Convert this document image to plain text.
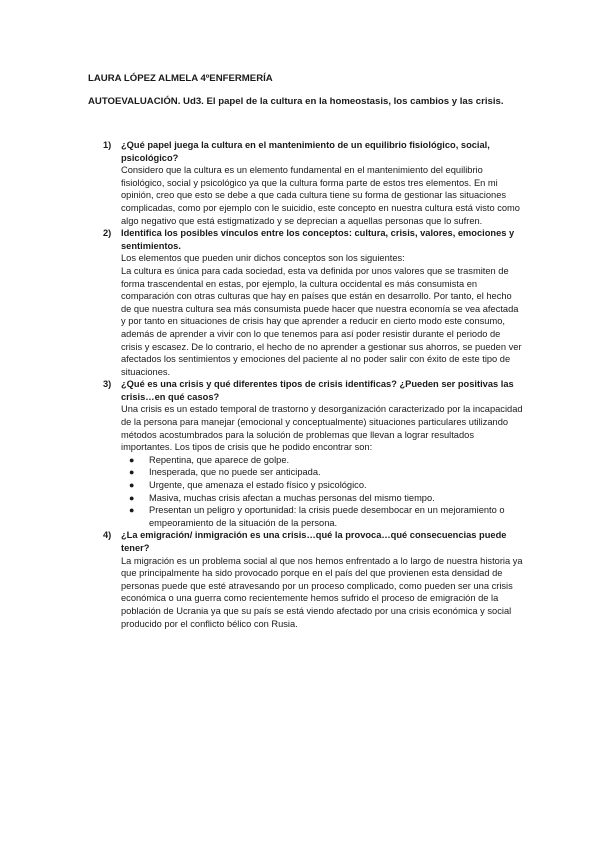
LAURA LÓPEZ ALMELA 4ºENFERMERÍA

AUTOEVALUACIÓN. Ud3. El papel de la cultura en la homeostasis, los cambios y las crisis.

1) ¿Qué papel juega la cultura en el mantenimiento de un equilibrio fisiológico, social, psicológico?

Considero que la cultura es un elemento fundamental en el mantenimiento del equilibrio fisiológico, social y psicológico ya que la cultura forma parte de estos tres elementos. En mi opinión, creo que esto se debe a que cada cultura tiene su forma de gestionar las situaciones complicadas, como por ejemplo con le suicidio, este concepto en nuestra cultura está visto como algo negativo que está estigmatizado y se deprecian a aquellas personas que lo sufren.

2) Identifica los posibles vínculos entre los conceptos: cultura, crisis, valores, emociones y sentimientos.

Los elementos que pueden unir dichos conceptos son los siguientes:

La cultura es única para cada sociedad, esta va definida por unos valores que se trasmiten de forma trascendental en estas, por ejemplo, la cultura occidental es más consumista en comparación con otras culturas que hay en países que están en desarrollo. Por tanto, el hecho de que nuestra cultura sea más consumista puede hacer que nuestra economía se vea afectada y por tanto en situaciones de crisis hay que aprender a reducir en cierto modo este consumo, además de aprender a vivir con lo que tenemos para así poder resistir durante el periodo de crisis y escasez. De lo contrario, el hecho de no aprender a gestionar sus ahorros, se pueden ver afectados los sentimientos y emociones del paciente al no poder salir con éxito de este tipo de situaciones.

3) ¿Qué es una crisis y qué diferentes tipos de crisis identificas? ¿Pueden ser positivas las crisis…en qué casos?

Una crisis es un estado temporal de trastorno y desorganización caracterizado por la incapacidad de la persona para manejar (emocional y conceptualmente) situaciones particulares utilizando métodos acostumbrados para la solución de problemas que llevan a lograr resultados importantes. Los tipos de crisis que he podido encontrar son:

● Repentina, que aparece de golpe.
● Inesperada, que no puede ser anticipada.
● Urgente, que amenaza el estado físico y psicológico.
● Masiva, muchas crisis afectan a muchas personas del mismo tiempo.
● Presentan un peligro y oportunidad: la crisis puede desembocar en un mejoramiento o empeoramiento de la situación de la persona.
4) ¿La emigración/ inmigración es una crisis…qué la provoca…qué consecuencias puede tener?

La migración es un problema social al que nos hemos enfrentado a lo largo de nuestra historia ya que principalmente ha sido provocado porque en el país del que provienen esta densidad de personas puede que esté atravesando por un proceso complicado, como pueden ser una crisis económica o una guerra como recientemente hemos sufrido el proceso de emigración de la población de Ucrania ya que su país se está viendo afectado por una crisis económica y social producido por el conflicto bélico con Rusia.
